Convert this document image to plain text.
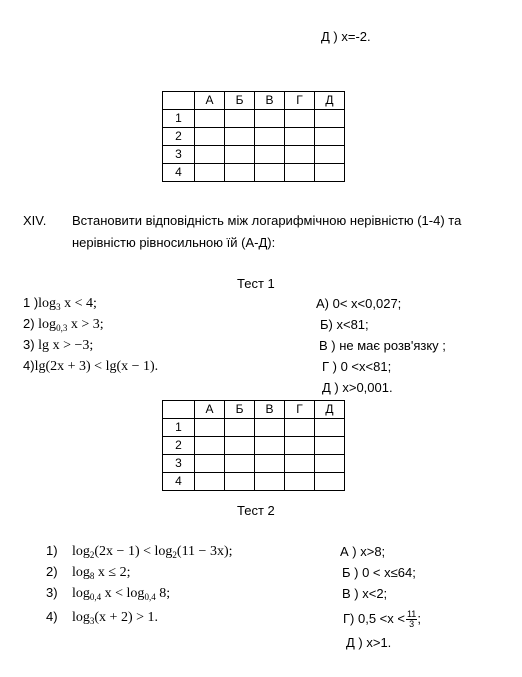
Д ) х=-2.
	А	Б	В	Г	Д
1					
2					
3					
4					
XIV. Встановити відповідність між логарифмічною нерівністю (1-4) та
нерівністю рівносильною їй (А-Д):
Тест 1
1 )$\log_3$ x < 4;
2) $\log_{0,3} x > 3$;
3) lg x > −3;
4)lg(2x + 3) < lg(x − 1).
А) 0< х<0,027;
Б) х<81;
В ) не має розв'язку ;
Г ) 0 <х<81;
Д ) х>0,001.
	А	Б	В	Г	Д
1					
2					
3					
4					
Тест 2
1) $\log_2(2x - 1) < \log_2(11 - 3x)$;
2) $\log_8 x \le 2$;
3) $\log_{0,4} x < \log_{0,4} 8$;
4) $\log_3(x + 2) > 1$.
А ) х>8;
Б ) 0 < х≤64;
В ) х<2;
Г) $0,5 <х < \frac{11}{3}$ ;
Д ) х>1.
